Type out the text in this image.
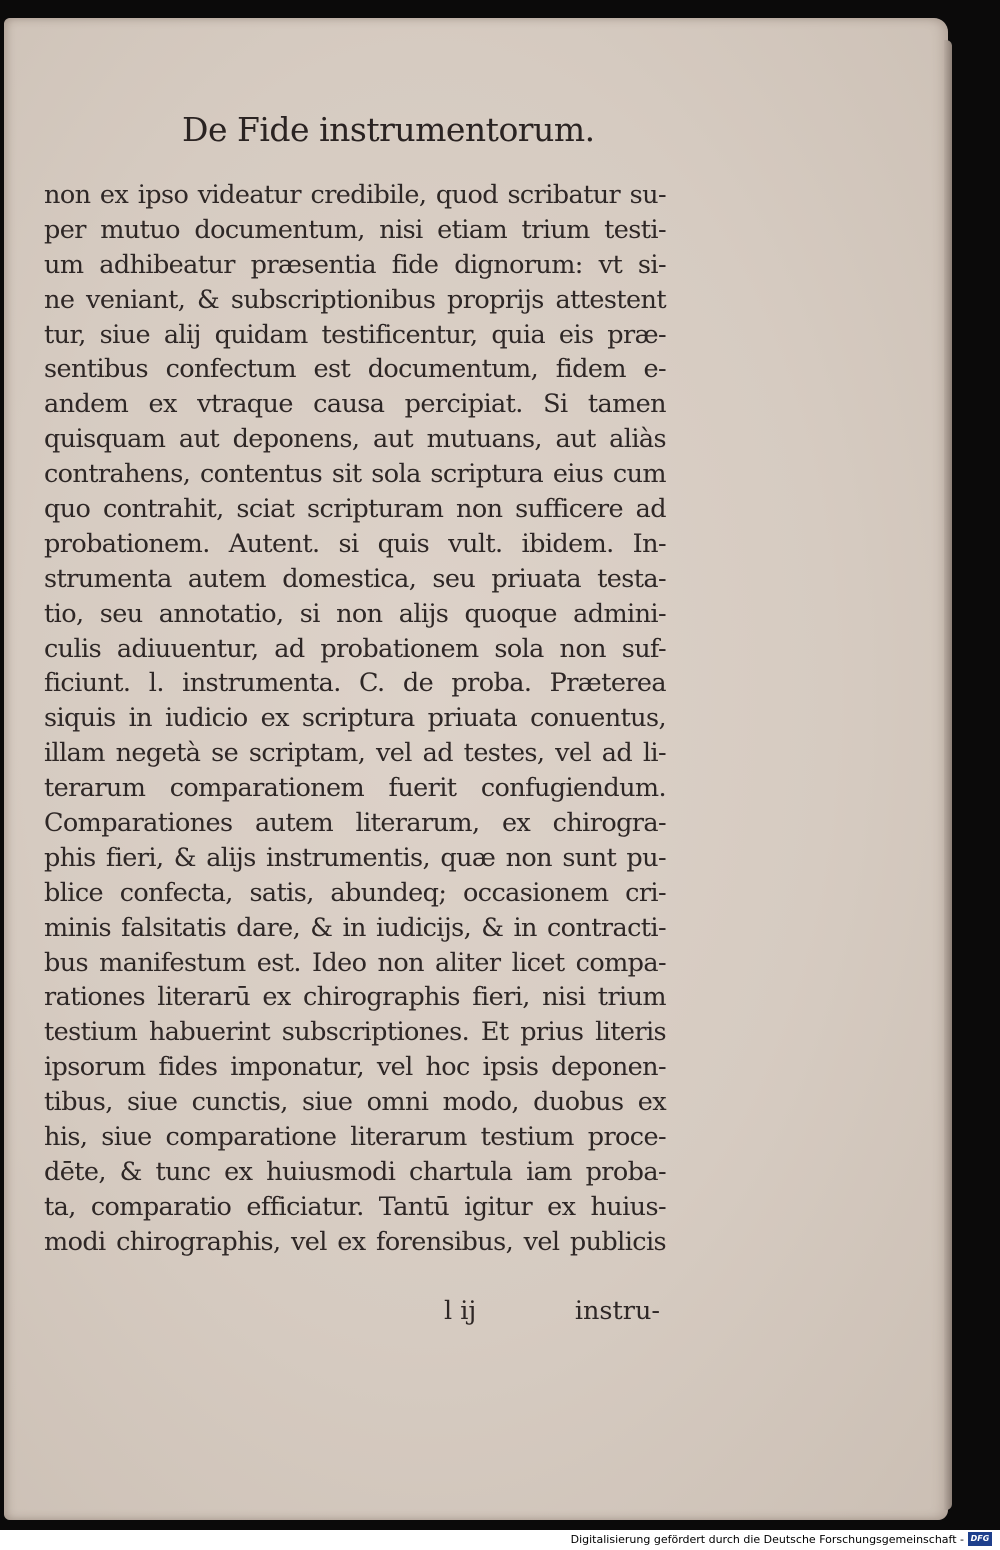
De Fide instrumentorum.
non ex ipso videatur credibile, quod scribatur su-
per mutuo documentum, nisi etiam trium testi-
um adhibeatur præsentia fide dignorum: vt si-
ne veniant, & subscriptionibus proprijs attestent
tur, siue alij quidam testificentur, quia eis præ-
sentibus confectum est documentum, fidem e-
andem ex vtraque causa percipiat. Si tamen
quisquam aut deponens, aut mutuans, aut aliàs
contrahens, contentus sit sola scriptura eius cum
quo contrahit, sciat scripturam non sufficere ad
probationem. Autent. si quis vult. ibidem. In-
strumenta autem domestica, seu priuata testa-
tio, seu annotatio, si non alijs quoque admini-
culis adiuuentur, ad probationem sola non suf-
ficiunt. l. instrumenta. C. de proba. Præterea
siquis in iudicio ex scriptura priuata conuentus,
illam negetà se scriptam, vel ad testes, vel ad li-
terarum comparationem fuerit confugiendum.
Comparationes autem literarum, ex chirogra-
phis fieri, & alijs instrumentis, quæ non sunt pu-
blice confecta, satis, abundeq; occasionem cri-
minis falsitatis dare, & in iudicijs, & in contracti-
bus manifestum est. Ideo non aliter licet compa-
rationes literarū ex chirographis fieri, nisi trium
testium habuerint subscriptiones. Et prius literis
ipsorum fides imponatur, vel hoc ipsis deponen-
tibus, siue cunctis, siue omni modo, duobus ex
his, siue comparatione literarum testium proce-
dēte, & tunc ex huiusmodi chartula iam proba-
ta, comparatio efficiatur. Tantū igitur ex huius-
modi chirographis, vel ex forensibus, vel publicis
l ij	instru-
Digitalisierung gefördert durch die Deutsche Forschungsgemeinschaft - DFG
